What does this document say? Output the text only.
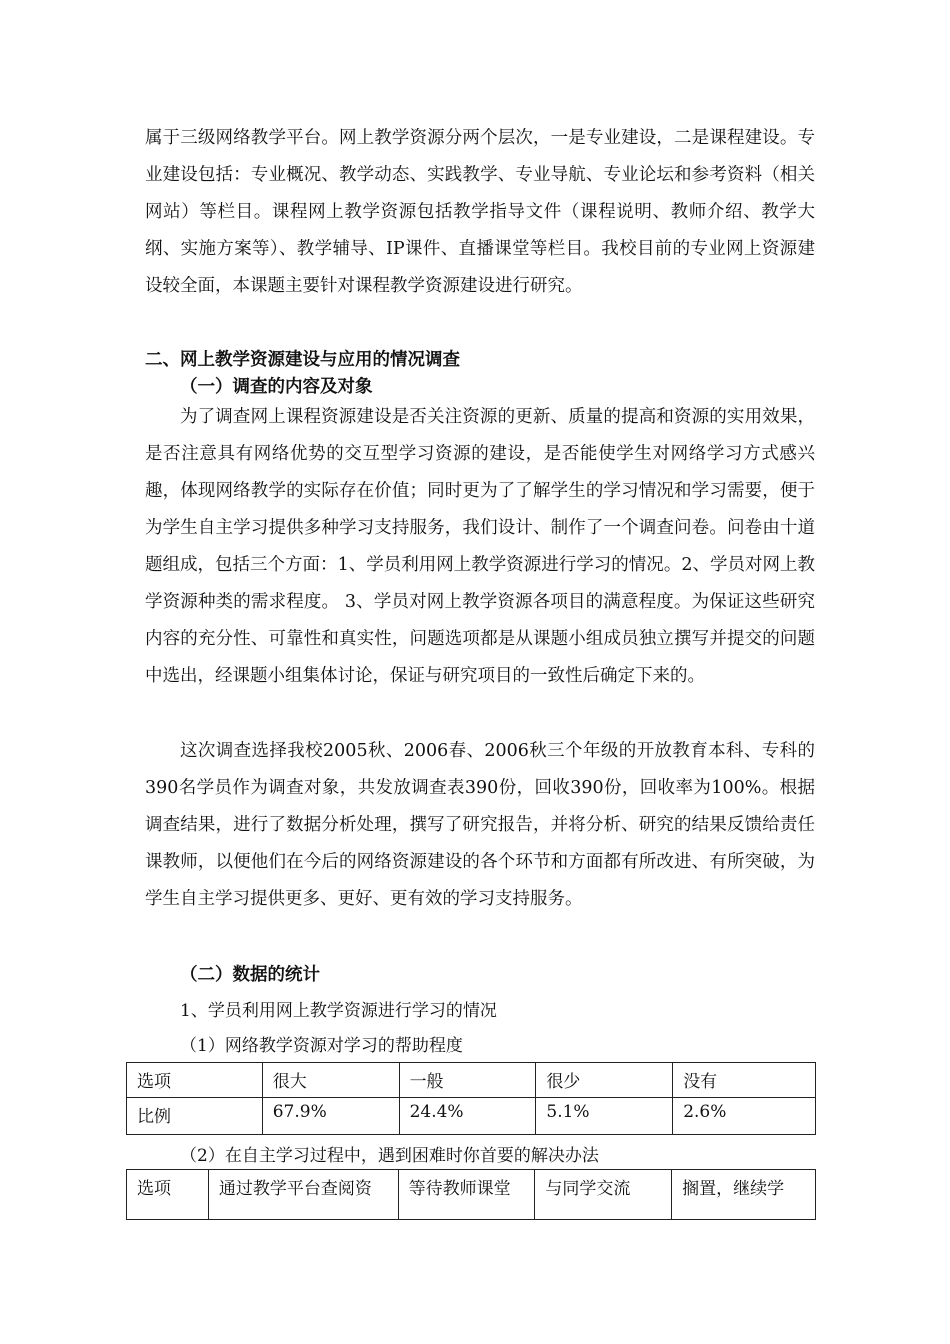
属于三级网络教学平台。网上教学资源分两个层次，一是专业建设，二是课程建设。专业建设包括：专业概况、教学动态、实践教学、专业导航、专业论坛和参考资料（相关网站）等栏目。课程网上教学资源包括教学指导文件（课程说明、教师介绍、教学大纲、实施方案等）、教学辅导、IP课件、直播课堂等栏目。我校目前的专业网上资源建设较全面，本课题主要针对课程教学资源建设进行研究。

二、网上教学资源建设与应用的情况调查

（一）调查的内容及对象

为了调查网上课程资源建设是否关注资源的更新、质量的提高和资源的实用效果，是否注意具有网络优势的交互型学习资源的建设，是否能使学生对网络学习方式感兴趣，体现网络教学的实际存在价值；同时更为了了解学生的学习情况和学习需要，便于为学生自主学习提供多种学习支持服务，我们设计、制作了一个调查问卷。问卷由十道题组成，包括三个方面：1、学员利用网上教学资源进行学习的情况。2、学员对网上教学资源种类的需求程度。 3、学员对网上教学资源各项目的满意程度。为保证这些研究内容的充分性、可靠性和真实性，问题选项都是从课题小组成员独立撰写并提交的问题中选出，经课题小组集体讨论，保证与研究项目的一致性后确定下来的。

这次调查选择我校2005秋、2006春、2006秋三个年级的开放教育本科、专科的390名学员作为调查对象，共发放调查表390份，回收390份，回收率为100%。根据调查结果，进行了数据分析处理，撰写了研究报告，并将分析、研究的结果反馈给责任课教师，以便他们在今后的网络资源建设的各个环节和方面都有所改进、有所突破，为学生自主学习提供更多、更好、更有效的学习支持服务。

（二）数据的统计

1、学员利用网上教学资源进行学习的情况

（1）网络教学资源对学习的帮助程度

选项	很大	一般	很少	没有
比例	67.9%	24.4%	5.1%	2.6%

（2）在自主学习过程中，遇到困难时你首要的解决办法

选项	通过教学平台查阅资	等待教师课堂	与同学交流	搁置，继续学
